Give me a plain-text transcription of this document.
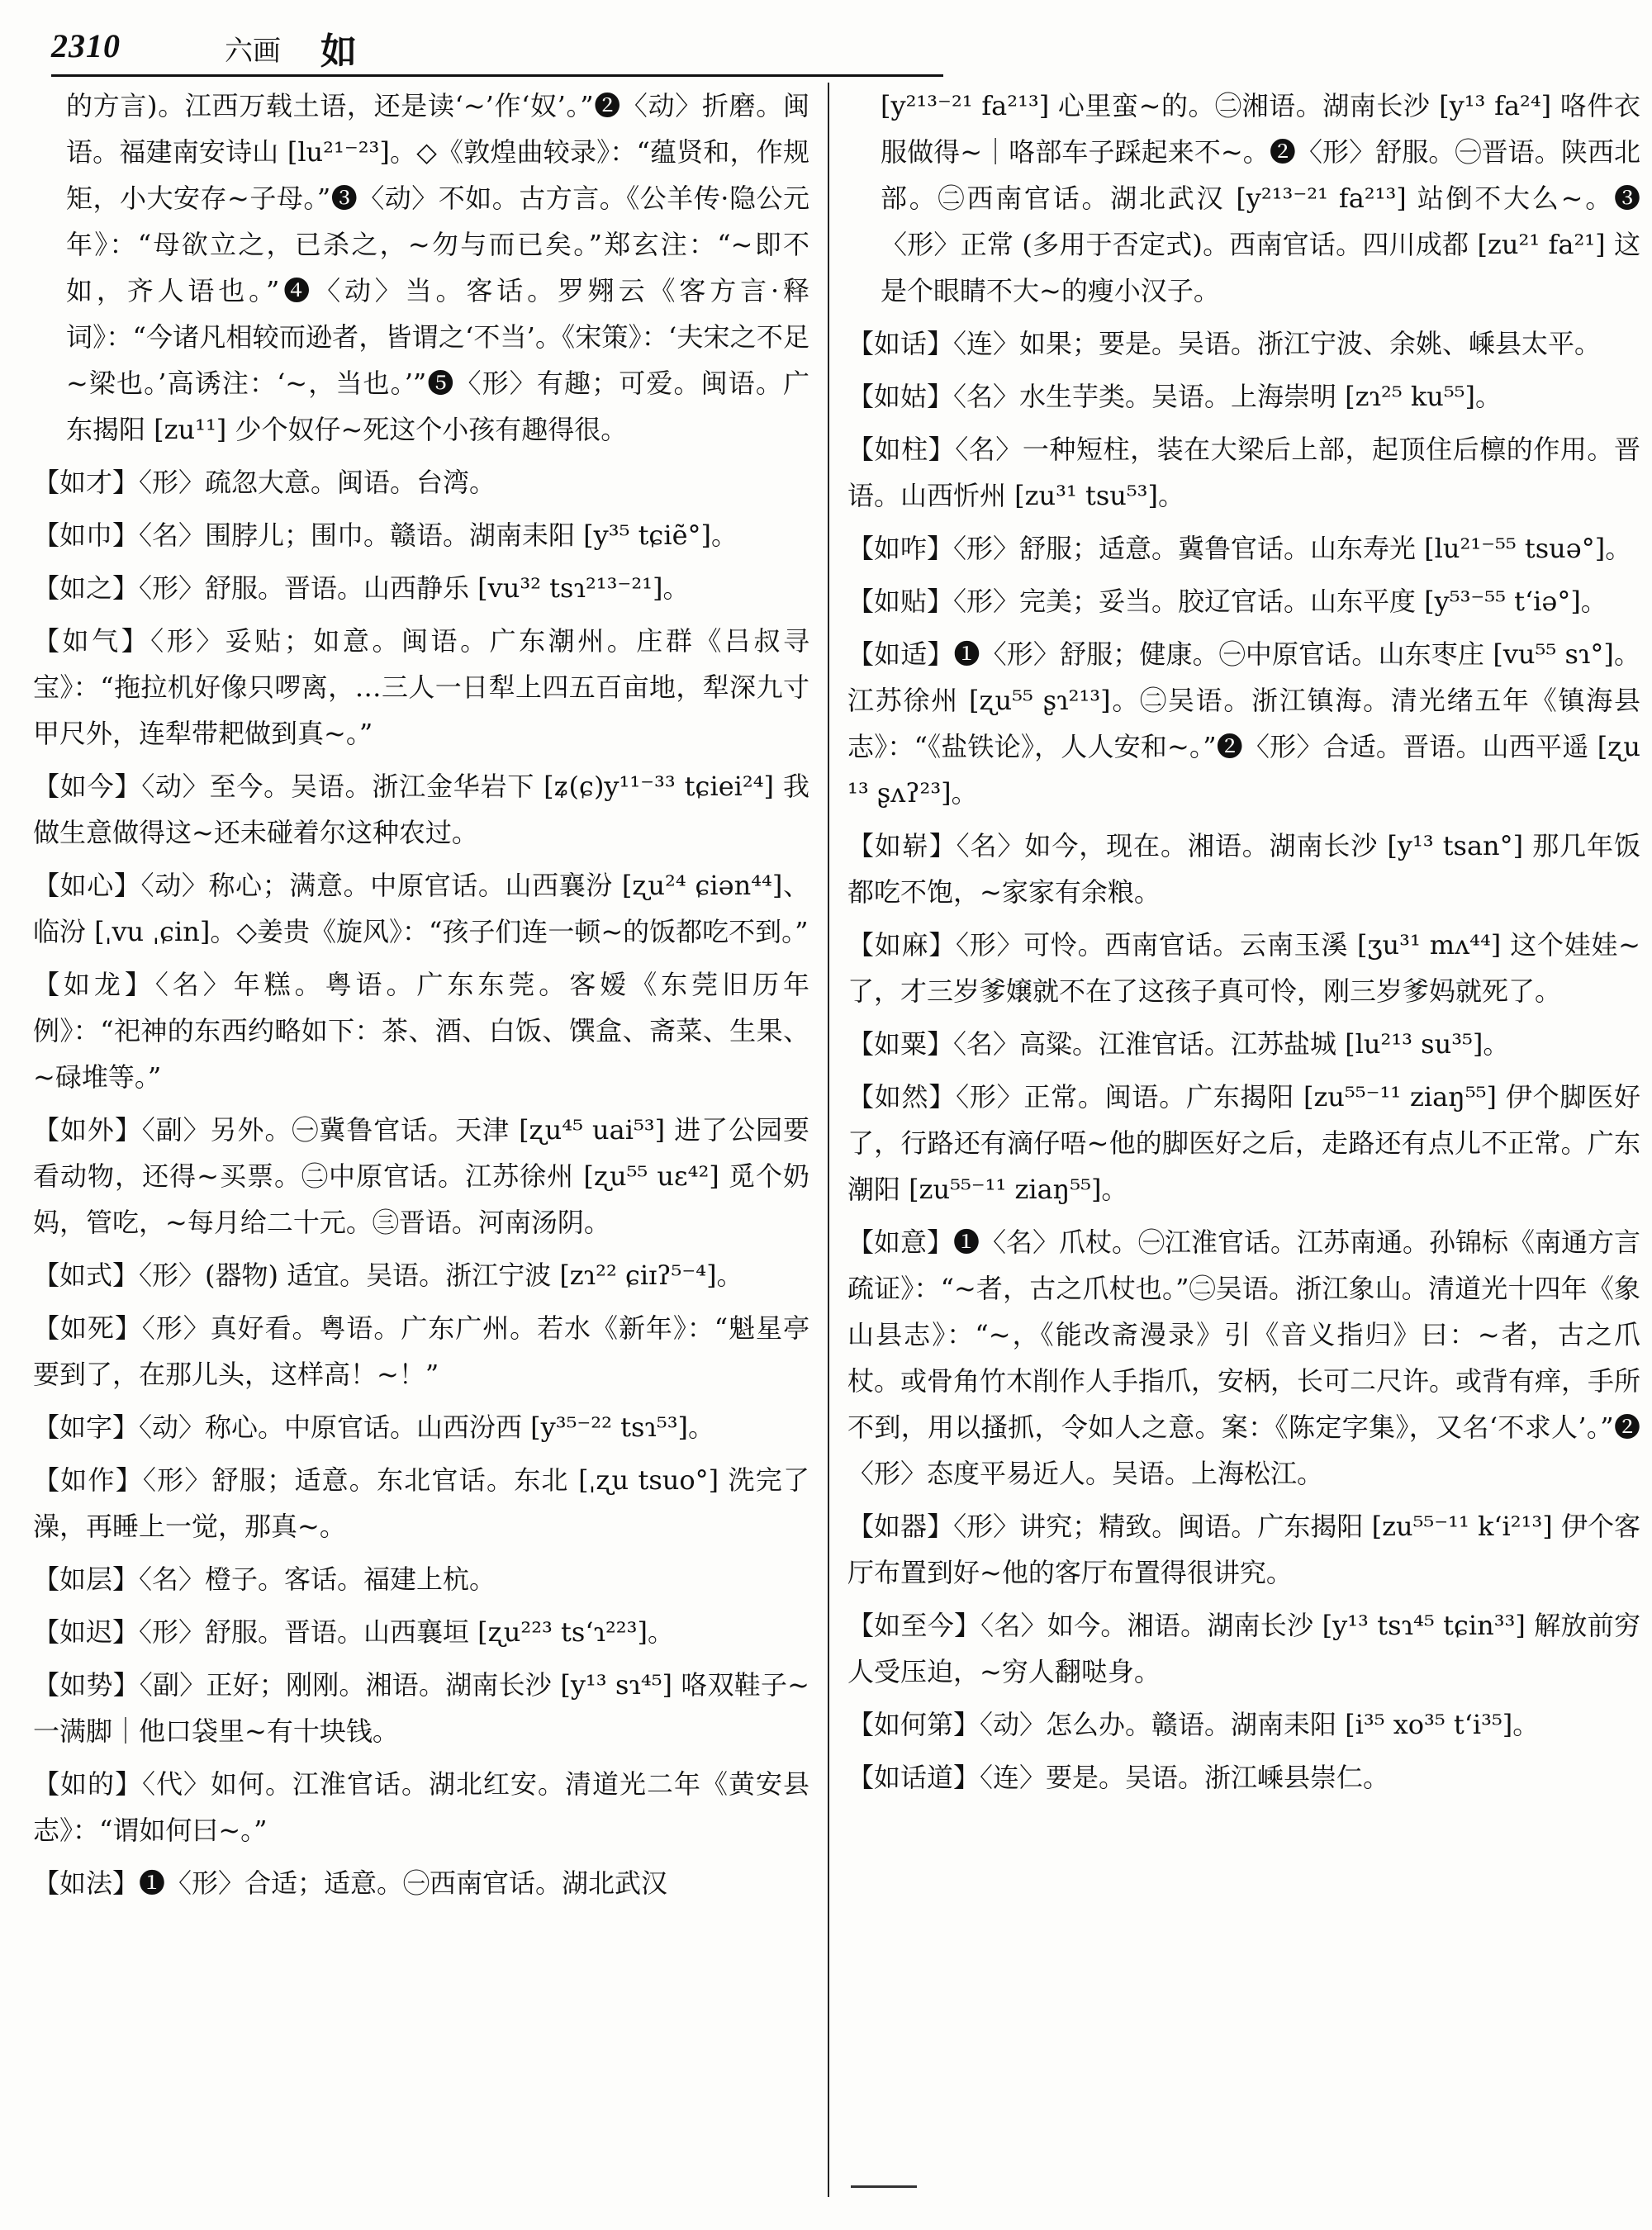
2310	六画 如

的方言)。江西万载土语，还是读‘~’作‘奴’。”❷〈动〉折磨。闽语。福建南安诗山 [lu²¹⁻²³]。◇《敦煌曲较录》：“蕴贤和，作规矩，小大安存~子母。”❸〈动〉不如。古方言。《公羊传·隐公元年》：“母欲立之，已杀之，~勿与而已矣。”郑玄注：“~即不如，齐人语也。”❹〈动〉当。客话。罗翙云《客方言·释词》：“今诸凡相较而逊者，皆谓之‘不当’。《宋策》：‘夫宋之不足~梁也。’高诱注：‘~，当也。’”❺〈形〉有趣；可爱。闽语。广东揭阳 [zu¹¹] 少个奴仔~死这个小孩有趣得很。

【如才】〈形〉疏忽大意。闽语。台湾。

【如巾】〈名〉围脖儿；围巾。赣语。湖南耒阳 [y³⁵ tɕiẽ°]。

【如之】〈形〉舒服。晋语。山西静乐 [vu³² tsɿ²¹³⁻²¹]。

【如气】〈形〉妥贴；如意。闽语。广东潮州。庄群《吕叔寻宝》：“拖拉机好像只啰离，…三人一日犁上四五百亩地，犁深九寸甲尺外，连犁带耙做到真~。”

【如今】〈动〉至今。吴语。浙江金华岩下 [ʑ(ɕ)y¹¹⁻³³ tɕiei²⁴] 我做生意做得这~还未碰着尔这种农过。

【如心】〈动〉称心；满意。中原官话。山西襄汾 [ʐu²⁴ ɕiən⁴⁴]、临汾 [ˌvu ˌɕin]。◇姜贵《旋风》：“孩子们连一顿~的饭都吃不到。”

【如龙】〈名〉年糕。粤语。广东东莞。客嫒《东莞旧历年例》：“祀神的东西约略如下：茶、酒、白饭、馔盒、斋菜、生果、~碌堆等。”

【如外】〈副〉另外。㊀冀鲁官话。天津 [ʐu⁴⁵ uai⁵³] 进了公园要看动物，还得~买票。㊁中原官话。江苏徐州 [ʐu⁵⁵ uɛ⁴²] 觅个奶妈，管吃，~每月给二十元。㊂晋语。河南汤阴。

【如式】〈形〉(器物) 适宜。吴语。浙江宁波 [zɿ²² ɕiɪʔ⁵⁻⁴]。

【如死】〈形〉真好看。粤语。广东广州。若水《新年》：“魁星亭要到了，在那儿头，这样高！~！”

【如字】〈动〉称心。中原官话。山西汾西 [y³⁵⁻²² tsɿ⁵³]。

【如作】〈形〉舒服；适意。东北官话。东北 [ˌʐu tsuo°] 洗完了澡，再睡上一觉，那真~。

【如层】〈名〉橙子。客话。福建上杭。

【如迟】〈形〉舒服。晋语。山西襄垣 [ʐu²²³ ts‘ɿ²²³]。

【如势】〈副〉正好；刚刚。湘语。湖南长沙 [y¹³ sɿ⁴⁵] 咯双鞋子~一满脚｜他口袋里~有十块钱。

【如的】〈代〉如何。江淮官话。湖北红安。清道光二年《黄安县志》：“谓如何曰~。”

【如法】❶〈形〉合适；适意。㊀西南官话。湖北武汉

[y²¹³⁻²¹ fa²¹³] 心里蛮~的。㊁湘语。湖南长沙 [y¹³ fa²⁴] 咯件衣服做得~｜咯部车子踩起来不~。❷〈形〉舒服。㊀晋语。陕西北部。㊁西南官话。湖北武汉 [y²¹³⁻²¹ fa²¹³] 站倒不大么~。❸〈形〉正常 (多用于否定式)。西南官话。四川成都 [zu²¹ fa²¹] 这是个眼睛不大~的瘦小汉子。

【如话】〈连〉如果；要是。吴语。浙江宁波、余姚、嵊县太平。

【如姑】〈名〉水生芋类。吴语。上海崇明 [zɿ²⁵ ku⁵⁵]。

【如柱】〈名〉一种短柱，装在大梁后上部，起顶住后檩的作用。晋语。山西忻州 [zu³¹ tsu⁵³]。

【如咋】〈形〉舒服；适意。冀鲁官话。山东寿光 [lu²¹⁻⁵⁵ tsuə°]。

【如贴】〈形〉完美；妥当。胶辽官话。山东平度 [y⁵³⁻⁵⁵ t‘iə°]。

【如适】❶〈形〉舒服；健康。㊀中原官话。山东枣庄 [vu⁵⁵ sɿ°]。江苏徐州 [ʐu⁵⁵ ʂɿ²¹³]。㊁吴语。浙江镇海。清光绪五年《镇海县志》：“《盐铁论》，人人安和~。”❷〈形〉合适。晋语。山西平遥 [ʐu¹³ ʂʌʔ²³]。

【如崭】〈名〉如今，现在。湘语。湖南长沙 [y¹³ tsan°] 那几年饭都吃不饱，~家家有余粮。

【如麻】〈形〉可怜。西南官话。云南玉溪 [ʒu³¹ mʌ⁴⁴] 这个娃娃~了，才三岁爹嬢就不在了这孩子真可怜，刚三岁爹妈就死了。

【如粟】〈名〉高粱。江淮官话。江苏盐城 [lu²¹³ su³⁵]。

【如然】〈形〉正常。闽语。广东揭阳 [zu⁵⁵⁻¹¹ ziaŋ⁵⁵] 伊个脚医好了，行路还有滴仔唔~他的脚医好之后，走路还有点儿不正常。广东潮阳 [zu⁵⁵⁻¹¹ ziaŋ⁵⁵]。

【如意】❶〈名〉爪杖。㊀江淮官话。江苏南通。孙锦标《南通方言疏证》：“~者，古之爪杖也。”㊁吴语。浙江象山。清道光十四年《象山县志》：“~，《能改斋漫录》引《音义指归》曰：~者，古之爪杖。或骨角竹木削作人手指爪，安柄，长可二尺许。或背有痒，手所不到，用以搔抓，令如人之意。案：《陈定字集》，又名‘不求人’。”❷〈形〉态度平易近人。吴语。上海松江。

【如器】〈形〉讲究；精致。闽语。广东揭阳 [zu⁵⁵⁻¹¹ k‘i²¹³] 伊个客厅布置到好~他的客厅布置得很讲究。

【如至今】〈名〉如今。湘语。湖南长沙 [y¹³ tsɿ⁴⁵ tɕin³³] 解放前穷人受压迫，~穷人翻哒身。

【如何第】〈动〉怎么办。赣语。湖南耒阳 [i³⁵ xo³⁵ t‘i³⁵]。

【如话道】〈连〉要是。吴语。浙江嵊县崇仁。
